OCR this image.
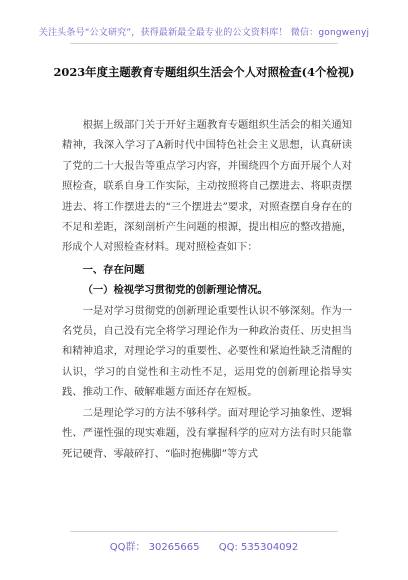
关注头条号“公文研究”，获得最新最全最专业的公文资料库！ 微信：gongwenyj
2023年度主题教育专题组织生活会个人对照检查(4个检视)

根据上级部门关于开好主题教育专题组织生活会的相关通知精神，我深入学习了A新时代中国特色社会主义思想，认真研读了党的二十大报告等重点学习内容，并围绕四个方面开展个人对照检查，联系自身工作实际，主动按照将自己摆进去、将职责摆进去、将工作摆进去的“三个摆进去”要求，对照查摆自身存在的不足和差距，深刻剖析产生问题的根源，提出相应的整改措施，形成个人对照检查材料。现对照检查如下：

一、存在问题

（一）检视学习贯彻党的创新理论情况。

一是对学习贯彻党的创新理论重要性认识不够深刻。作为一名党员，自己没有完全将学习理论作为一种政治责任、历史担当和精神追求，对理论学习的重要性、必要性和紧迫性缺乏清醒的认识，学习的自觉性和主动性不足，运用党的创新理论指导实践、推动工作、破解难题方面还存在短板。

二是理论学习的方法不够科学。面对理论学习抽象性、逻辑性、严谨性强的现实难题，没有掌握科学的应对方法有时只能靠死记硬背、零敲碎打、“临时抱佛脚”等方式

QQ群： 30265665 QQ: 535304092
